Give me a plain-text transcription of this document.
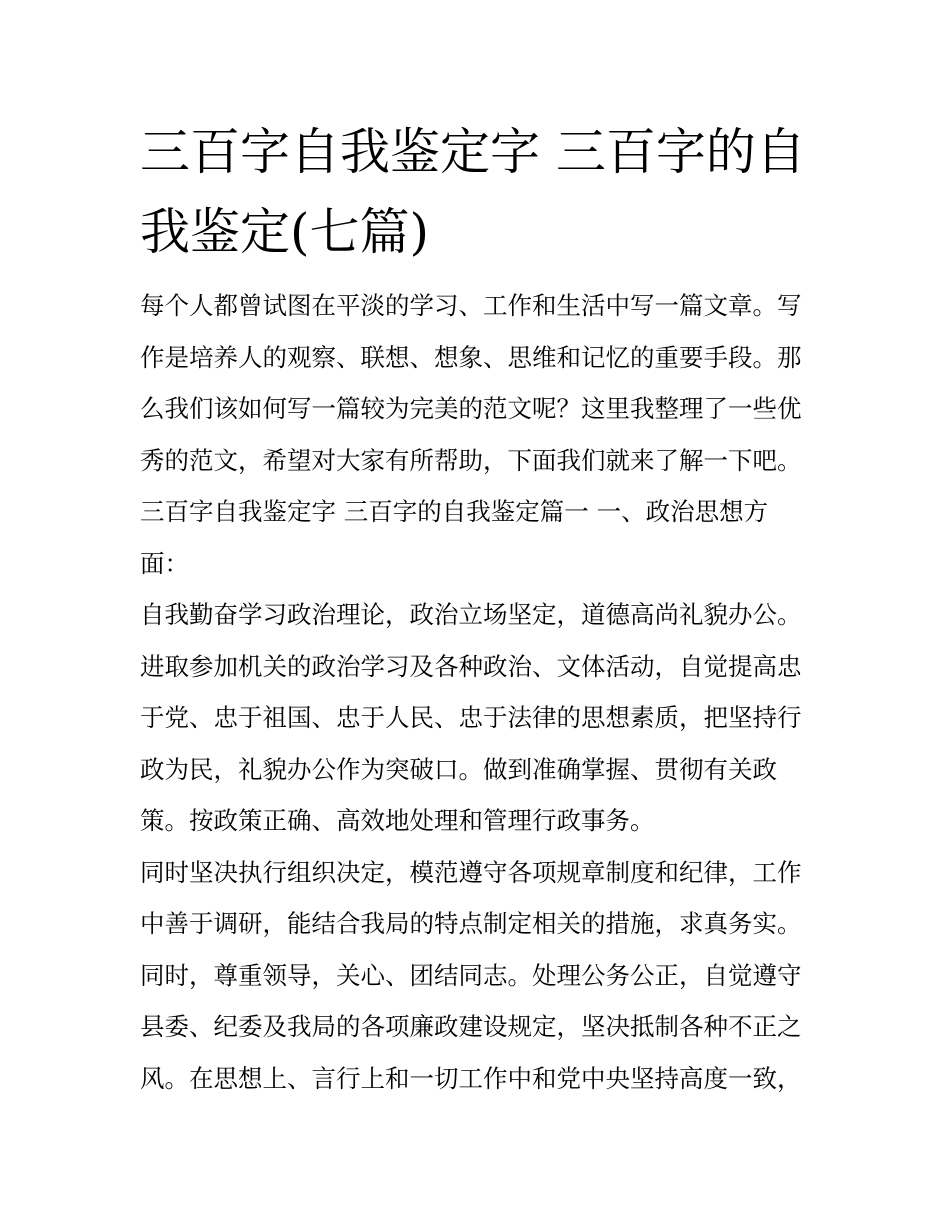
三百字自我鉴定字 三百字的自
我鉴定(七篇)
每个人都曾试图在平淡的学习、工作和生活中写一篇文章。写
作是培养人的观察、联想、想象、思维和记忆的重要手段。那
么我们该如何写一篇较为完美的范文呢？这里我整理了一些优
秀的范文，希望对大家有所帮助，下面我们就来了解一下吧。
三百字自我鉴定字 三百字的自我鉴定篇一 一、政治思想方
面：
自我勤奋学习政治理论，政治立场坚定，道德高尚礼貌办公。
进取参加机关的政治学习及各种政治、文体活动，自觉提高忠
于党、忠于祖国、忠于人民、忠于法律的思想素质，把坚持行
政为民，礼貌办公作为突破口。做到准确掌握、贯彻有关政
策。按政策正确、高效地处理和管理行政事务。
同时坚决执行组织决定，模范遵守各项规章制度和纪律，工作
中善于调研，能结合我局的特点制定相关的措施，求真务实。
同时，尊重领导，关心、团结同志。处理公务公正，自觉遵守
县委、纪委及我局的各项廉政建设规定，坚决抵制各种不正之
风。在思想上、言行上和一切工作中和党中央坚持高度一致，
